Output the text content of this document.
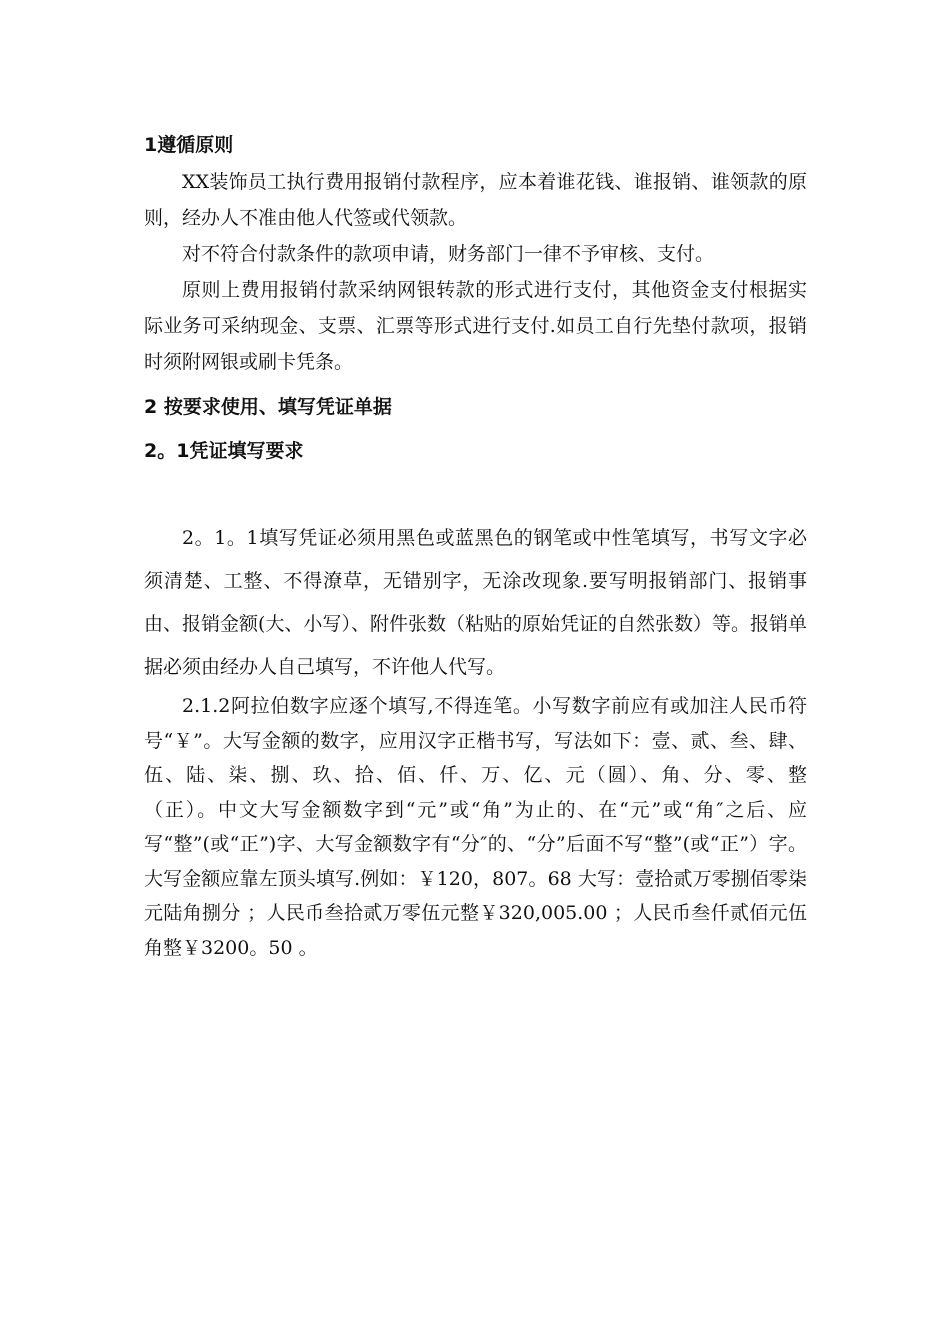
1遵循原则

XX装饰员工执行费用报销付款程序，应本着谁花钱、谁报销、谁领款的原则，经办人不准由他人代签或代领款。

对不符合付款条件的款项申请，财务部门一律不予审核、支付。

原则上费用报销付款采纳网银转款的形式进行支付，其他资金支付根据实际业务可采纳现金、支票、汇票等形式进行支付.如员工自行先垫付款项，报销时须附网银或刷卡凭条。

2 按要求使用、填写凭证单据

2。1凭证填写要求

2。1。1填写凭证必须用黑色或蓝黑色的钢笔或中性笔填写，书写文字必须清楚、工整、不得潦草，无错别字，无涂改现象.要写明报销部门、报销事由、报销金额(大、小写）、附件张数（粘贴的原始凭证的自然张数）等。报销单据必须由经办人自己填写，不许他人代写。

2.1.2阿拉伯数字应逐个填写,不得连笔。小写数字前应有或加注人民币符号“￥”。大写金额的数字，应用汉字正楷书写，写法如下：壹、贰、叁、肆、伍、陆、柒、捌、玖、拾、佰、仟、万、亿、元（圆）、角、分、零、整（正）。中文大写金额数字到“元”或“角”为止的、在“元”或“角″之后、应写“整”(或“正”)字、大写金额数字有“分″的、“分”后面不写“整”(或“正”）字。大写金额应靠左顶头填写.例如：￥120，807。68 大写：壹拾贰万零捌佰零柒元陆角捌分 ；人民币叁拾贰万零伍元整￥320,005.00 ；人民币叁仟贰佰元伍角整￥3200。50 。
